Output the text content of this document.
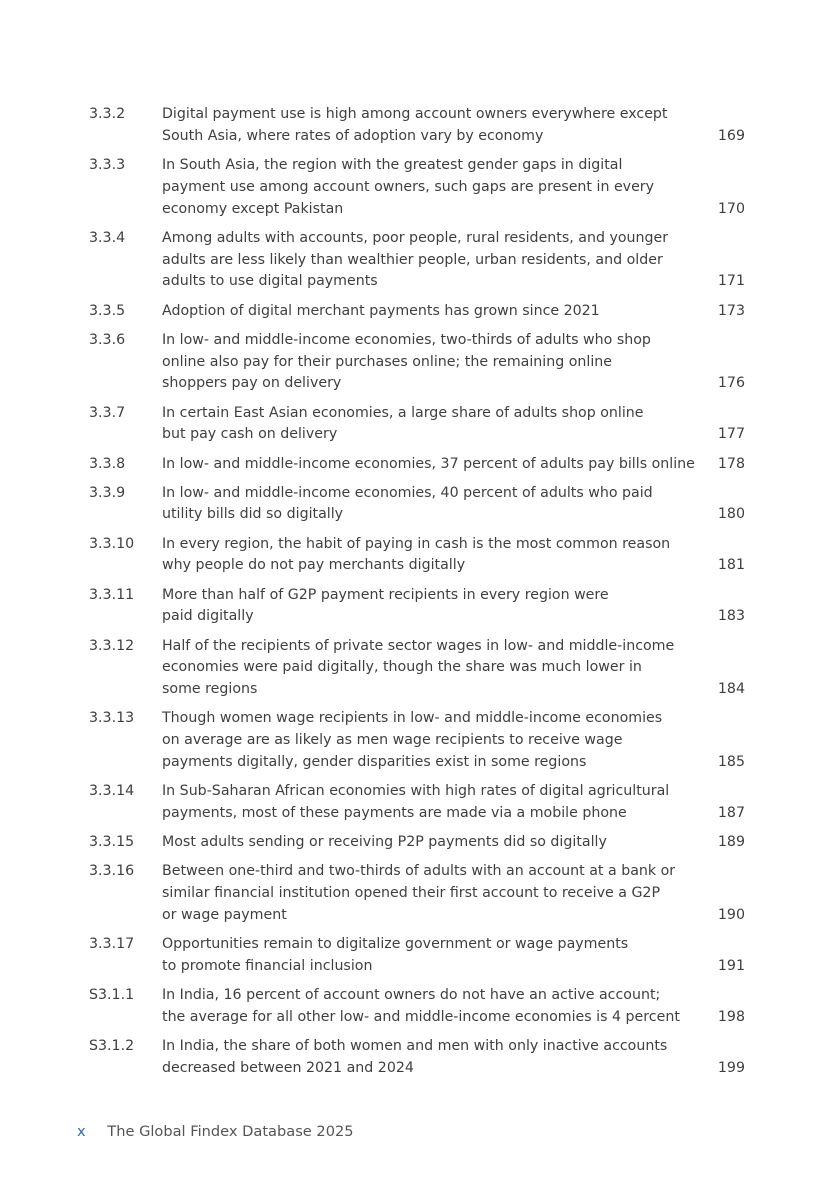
3.3.2	Digital payment use is high among account owners everywhere except
South Asia, where rates of adoption vary by economy	169
3.3.3	In South Asia, the region with the greatest gender gaps in digital
payment use among account owners, such gaps are present in every
economy except Pakistan	170
3.3.4	Among adults with accounts, poor people, rural residents, and younger
adults are less likely than wealthier people, urban residents, and older
adults to use digital payments	171
3.3.5	Adoption of digital merchant payments has grown since 2021	173
3.3.6	In low- and middle-income economies, two-thirds of adults who shop
online also pay for their purchases online; the remaining online
shoppers pay on delivery	176
3.3.7	In certain East Asian economies, a large share of adults shop online
but pay cash on delivery	177
3.3.8	In low- and middle-income economies, 37 percent of adults pay bills online	178
3.3.9	In low- and middle-income economies, 40 percent of adults who paid
utility bills did so digitally	180
3.3.10 In every region, the habit of paying in cash is the most common reason
why people do not pay merchants digitally	181
3.3.11 More than half of G2P payment recipients in every region were
paid digitally	183
3.3.12 Half of the recipients of private sector wages in low- and middle-income
economies were paid digitally, though the share was much lower in
some regions	184
3.3.13 Though women wage recipients in low- and middle-income economies
on average are as likely as men wage recipients to receive wage
payments digitally, gender disparities exist in some regions	185
3.3.14 In Sub-Saharan African economies with high rates of digital agricultural
payments, most of these payments are made via a mobile phone	187
3.3.15 Most adults sending or receiving P2P payments did so digitally	189
3.3.16 Between one-third and two-thirds of adults with an account at a bank or
similar financial institution opened their first account to receive a G2P
or wage payment	190
3.3.17 Opportunities remain to digitalize government or wage payments
to promote financial inclusion	191
S3.1.1 In India, 16 percent of account owners do not have an active account;
the average for all other low- and middle-income economies is 4 percent	198
S3.1.2 In India, the share of both women and men with only inactive accounts
decreased between 2021 and 2024	199
x The Global Findex Database 2025
